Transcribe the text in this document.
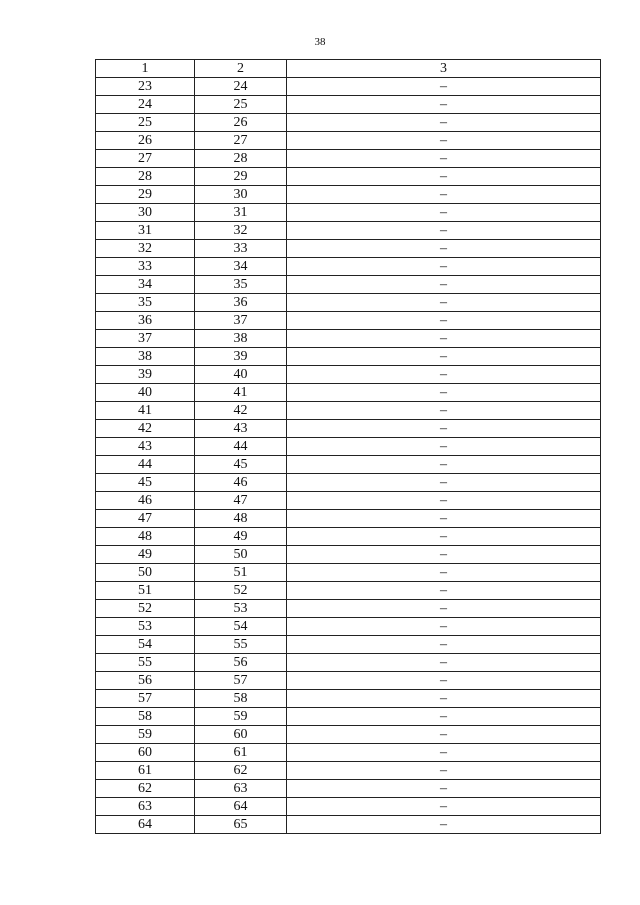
38
1	2	3
23	24	–
24	25	–
25	26	–
26	27	–
27	28	–
28	29	–
29	30	–
30	31	–
31	32	–
32	33	–
33	34	–
34	35	–
35	36	–
36	37	–
37	38	–
38	39	–
39	40	–
40	41	–
41	42	–
42	43	–
43	44	–
44	45	–
45	46	–
46	47	–
47	48	–
48	49	–
49	50	–
50	51	–
51	52	–
52	53	–
53	54	–
54	55	–
55	56	–
56	57	–
57	58	–
58	59	–
59	60	–
60	61	–
61	62	–
62	63	–
63	64	–
64	65	–
